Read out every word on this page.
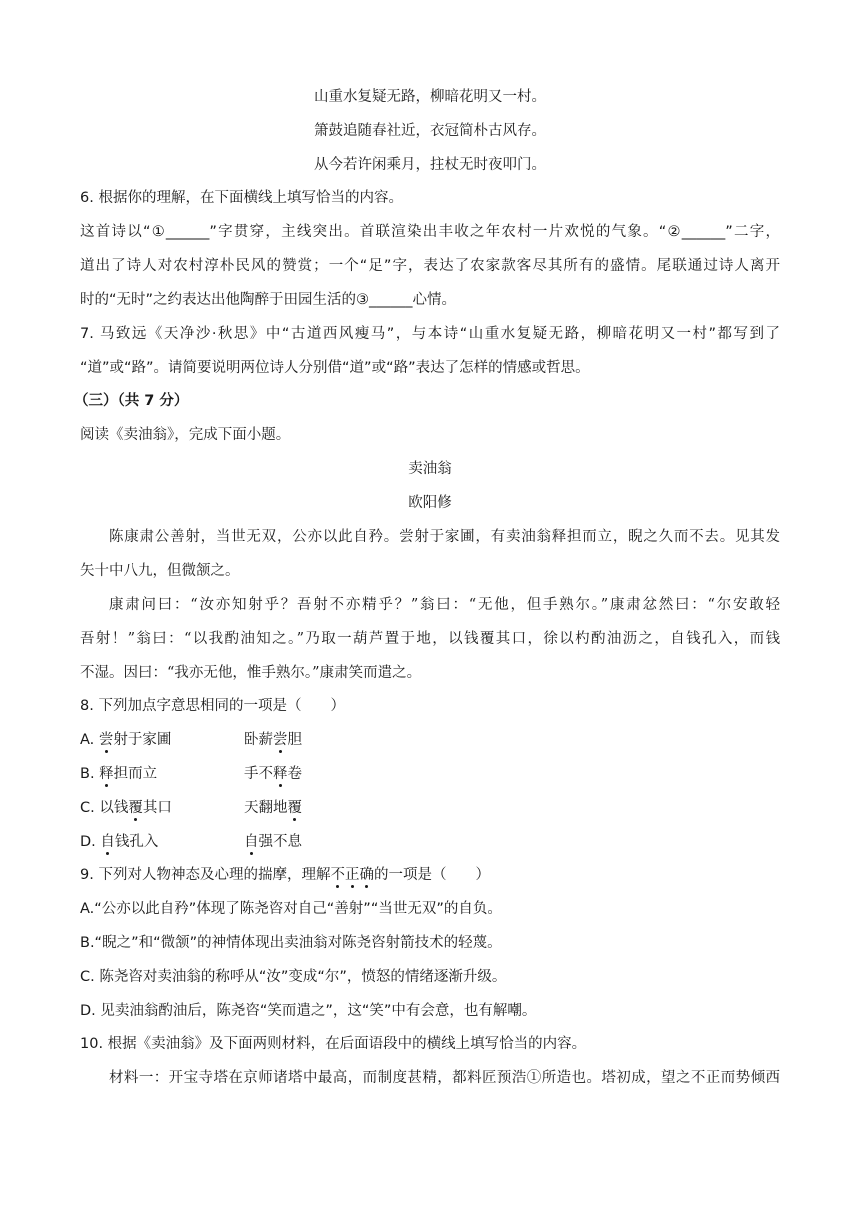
山重水复疑无路，柳暗花明又一村。
箫鼓追随春社近，衣冠简朴古风存。
从今若许闲乘月，拄杖无时夜叩门。
6. 根据你的理解，在下面横线上填写恰当的内容。
这首诗以“①______”字贯穿，主线突出。首联渲染出丰收之年农村一片欢悦的气象。“②______”二字，
道出了诗人对农村淳朴民风的赞赏；一个“足”字，表达了农家款客尽其所有的盛情。尾联通过诗人离开
时的“无时”之约表达出他陶醉于田园生活的③______心情。
7. 马致远《天净沙·秋思》中“古道西风瘦马”，与本诗“山重水复疑无路，柳暗花明又一村”都写到了
“道”或“路”。请简要说明两位诗人分别借“道”或“路”表达了怎样的情感或哲思。
（三）（共 7 分）
阅读《卖油翁》，完成下面小题。
卖油翁
欧阳修
陈康肃公善射，当世无双，公亦以此自矜。尝射于家圃，有卖油翁释担而立，睨之久而不去。见其发
矢十中八九，但微颔之。
康肃问曰：“汝亦知射乎？吾射不亦精乎？”翁曰：“无他，但手熟尔。”康肃忿然曰：“尔安敢轻
吾射！”翁曰：“以我酌油知之。”乃取一葫芦置于地，以钱覆其口，徐以杓酌油沥之，自钱孔入，而钱
不湿。因曰：“我亦无他，惟手熟尔。”康肃笑而遣之。
8. 下列加点字意思相同的一项是（　　）
A. 尝射于家圃	卧薪尝胆
B. 释担而立	手不释卷
C. 以钱覆其口	天翻地覆
D. 自钱孔入	自强不息
9. 下列对人物神态及心理的揣摩，理解不正确的一项是（　　）
A.“公亦以此自矜”体现了陈尧咨对自己“善射”“当世无双”的自负。
B.“睨之”和“微颔”的神情体现出卖油翁对陈尧咨射箭技术的轻蔑。
C. 陈尧咨对卖油翁的称呼从“汝”变成“尔”，愤怒的情绪逐渐升级。
D. 见卖油翁酌油后，陈尧咨“笑而遣之”，这“笑”中有会意，也有解嘲。
10. 根据《卖油翁》及下面两则材料，在后面语段中的横线上填写恰当的内容。
材料一：开宝寺塔在京师诸塔中最高，而制度甚精，都料匠预浩①所造也。塔初成，望之不正而势倾西
